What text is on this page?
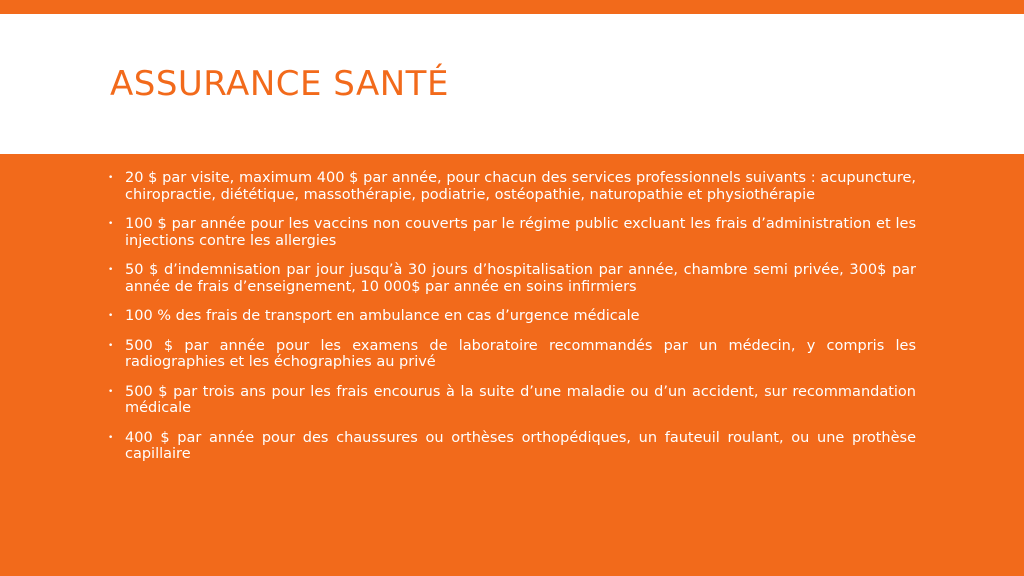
ASSURANCE SANTÉ
• 20 $ par visite, maximum 400 $ par année, pour chacun des services professionnels suivants : acupuncture, chiropractie, diététique, massothérapie, podiatrie, ostéopathie, naturopathie et physiothérapie
• 100 $ par année pour les vaccins non couverts par le régime public excluant les frais d’administration et les injections contre les allergies
• 50 $ d’indemnisation par jour jusqu’à 30 jours d’hospitalisation par année, chambre semi privée, 300$ par année de frais d’enseignement, 10 000$ par année en soins infirmiers
• 100 % des frais de transport en ambulance en cas d’urgence médicale
• 500 $ par année pour les examens de laboratoire recommandés par un médecin, y compris les radiographies et les échographies au privé
• 500 $ par trois ans pour les frais encourus à la suite d’une maladie ou d’un accident, sur recommandation médicale
• 400 $ par année pour des chaussures ou orthèses orthopédiques, un fauteuil roulant, ou une prothèse capillaire
